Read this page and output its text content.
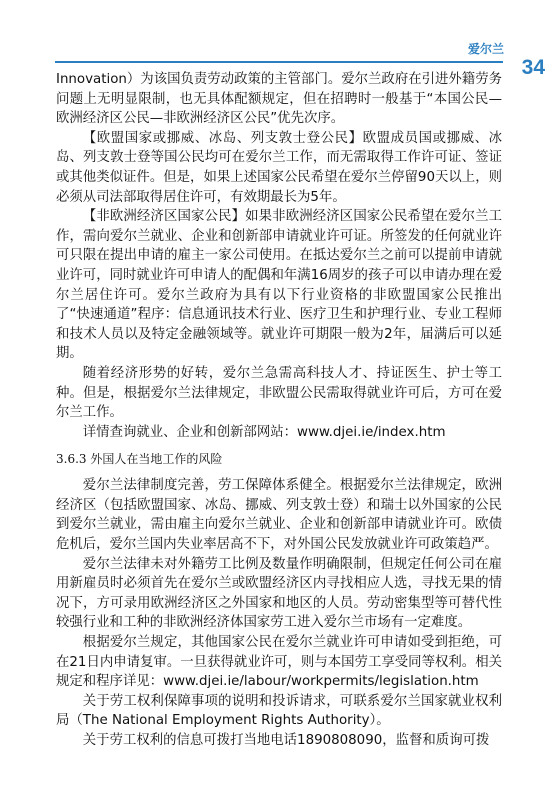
爱尔兰
34

Innovation）为该国负责劳动政策的主管部门。爱尔兰政府在引进外籍劳务问题上无明显限制，也无具体配额规定，但在招聘时一般基于“本国公民—欧洲经济区公民—非欧洲经济区公民”优先次序。

【欧盟国家或挪威、冰岛、列支敦士登公民】欧盟成员国或挪威、冰岛、列支敦士登等国公民均可在爱尔兰工作，而无需取得工作许可证、签证或其他类似证件。但是，如果上述国家公民希望在爱尔兰停留90天以上，则必须从司法部取得居住许可，有效期最长为5年。

【非欧洲经济区国家公民】如果非欧洲经济区国家公民希望在爱尔兰工作，需向爱尔兰就业、企业和创新部申请就业许可证。所签发的任何就业许可只限在提出申请的雇主一家公司使用。在抵达爱尔兰之前可以提前申请就业许可，同时就业许可申请人的配偶和年满16周岁的孩子可以申请办理在爱尔兰居住许可。爱尔兰政府为具有以下行业资格的非欧盟国家公民推出了“快速通道”程序：信息通讯技术行业、医疗卫生和护理行业、专业工程师和技术人员以及特定金融领域等。就业许可期限一般为2年，届满后可以延期。

随着经济形势的好转，爱尔兰急需高科技人才、持证医生、护士等工种。但是，根据爱尔兰法律规定，非欧盟公民需取得就业许可后，方可在爱尔兰工作。

详情查询就业、企业和创新部网站：www.djei.ie/index.htm

3.6.3 外国人在当地工作的风险

爱尔兰法律制度完善，劳工保障体系健全。根据爱尔兰法律规定，欧洲经济区（包括欧盟国家、冰岛、挪威、列支敦士登）和瑞士以外国家的公民到爱尔兰就业，需由雇主向爱尔兰就业、企业和创新部申请就业许可。欧债危机后，爱尔兰国内失业率居高不下，对外国公民发放就业许可政策趋严。

爱尔兰法律未对外籍劳工比例及数量作明确限制，但规定任何公司在雇用新雇员时必须首先在爱尔兰或欧盟经济区内寻找相应人选，寻找无果的情况下，方可录用欧洲经济区之外国家和地区的人员。劳动密集型等可替代性较强行业和工种的非欧洲经济体国家劳工进入爱尔兰市场有一定难度。

根据爱尔兰规定，其他国家公民在爱尔兰就业许可申请如受到拒绝，可在21日内申请复审。一旦获得就业许可，则与本国劳工享受同等权利。相关规定和程序详见：www.djei.ie/labour/workpermits/legislation.htm

关于劳工权利保障事项的说明和投诉请求，可联系爱尔兰国家就业权利局（The National Employment Rights Authority）。

关于劳工权利的信息可拨打当地电话1890808090，监督和质询可拨
